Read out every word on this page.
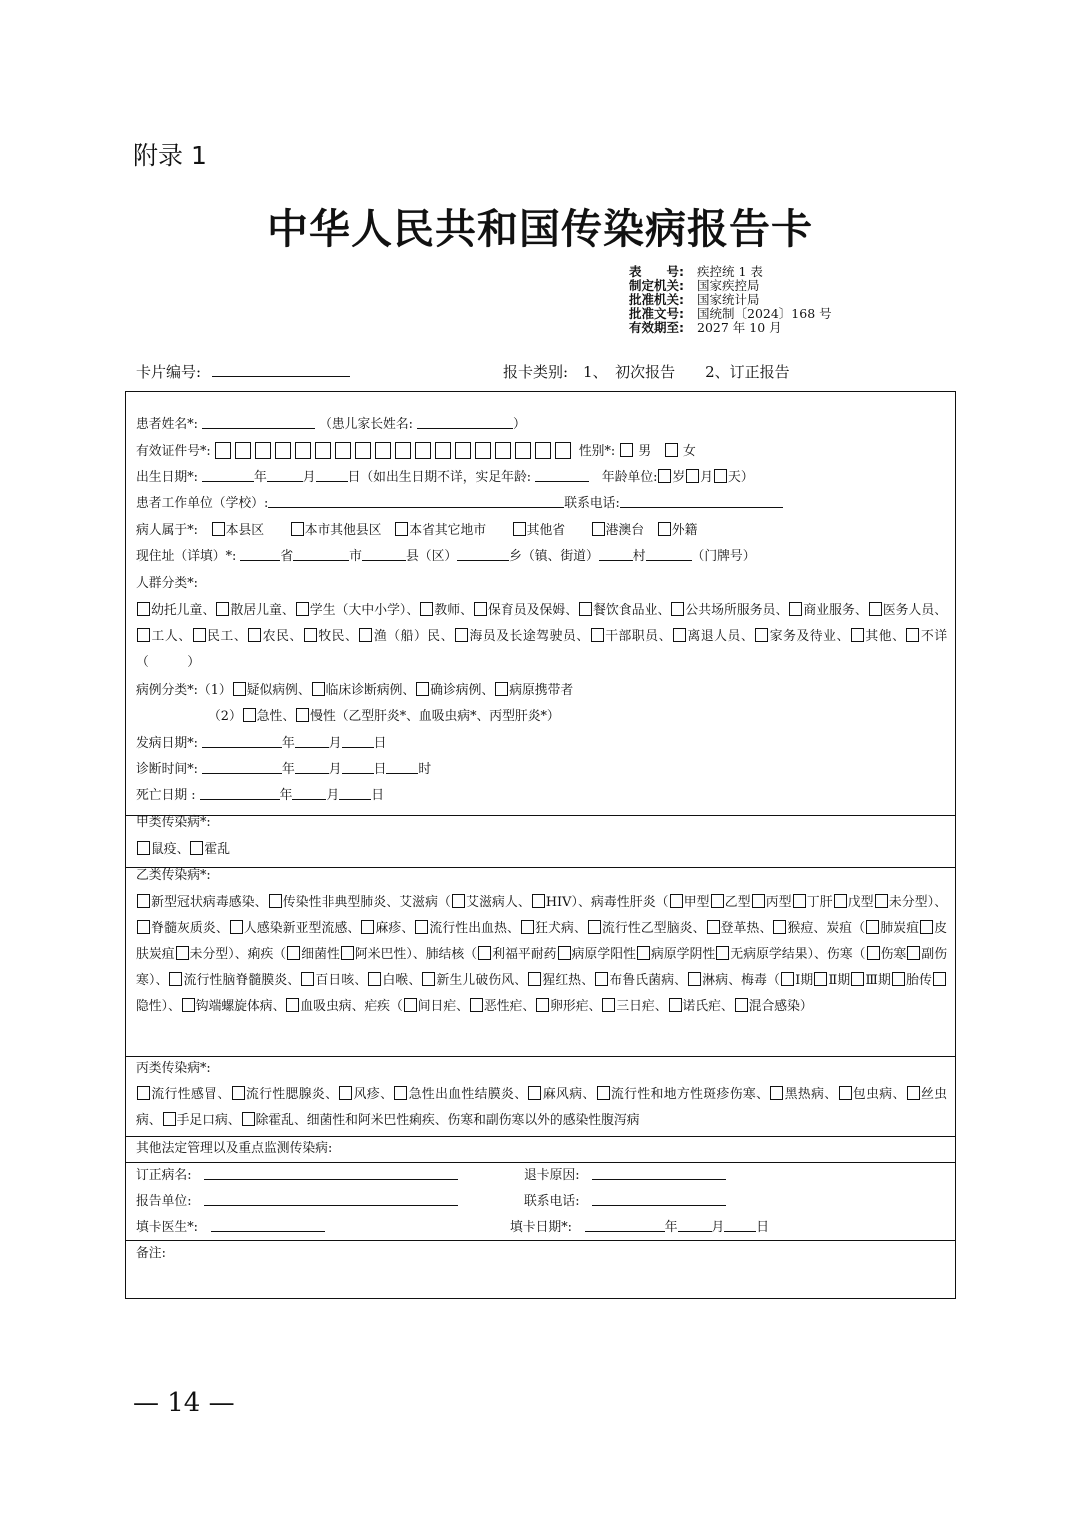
附录 1
中华人民共和国传染病报告卡
表　　号: 疾控统 1 表
制定机关: 国家疾控局
批准机关: 国家统计局
批准文号: 国统制〔2024〕168 号
有效期至: 2027 年 10 月
卡片编号:	报卡类别:　1、　初次报告　　2、订正报告
患者姓名*:	（患儿家长姓名:	）
有效证件号*:	性别*: 男　 女
出生日期*:	年	月	日（如出生日期不详，实足年龄: 　	年龄单位: 岁 月 天）
患者工作单位（学校）:	联系电话:
病人属于*:　 本县区　　	本市其他县区　 本省其它地市　　	其他省　　	港澳台　 外籍
现住址（详填）*:	省	市	县（区）	乡（镇、街道）	村	（门牌号）
人群分类*:
幼托儿童、 散居儿童、 学生（大中小学）、 教师、 保育员及保姆、 餐饮食品业、 公共场所服务员、 商业服务、 医务人员、工人、 民工、 农民、 牧民、 渔（船）民、 海员及长途驾驶员、 干部职员、 离退人员、 家务及待业、 其他、 不详（　　　）
病例分类*:（1） 疑似病例、 临床诊断病例、 确诊病例、 病原携带者
（2） 急性、 慢性（乙型肝炎*、血吸虫病*、丙型肝炎*）
发病日期*:	年	月	日
诊断时间*:	年	月	日	时
死亡日期 :	年	月	日
甲类传染病*:
鼠疫、 霍乱
乙类传染病*:
新型冠状病毒感染、 传染性非典型肺炎、艾滋病（ 艾滋病人、 HIV）、病毒性肝炎（ 甲型 乙型 丙型 丁肝 戊型 未分型）、脊髓灰质炎、 人感染新亚型流感、 麻疹、 流行性出血热、 狂犬病、 流行性乙型脑炎、 登革热、 猴痘、炭疽（ 肺炭疽 皮肤炭疽 未分型）、痢疾（ 细菌性 阿米巴性）、肺结核（ 利福平耐药 病原学阳性 病原学阴性 无病原学结果）、伤寒（ 伤寒 副伤寒）、 流行性脑脊髓膜炎、 百日咳、 白喉、 新生儿破伤风、 猩红热、 布鲁氏菌病、 淋病、梅毒（ Ⅰ期 Ⅱ期 Ⅲ期 胎传隐性）、 钩端螺旋体病、 血吸虫病、疟疾（ 间日疟、 恶性疟、 卵形疟、 三日疟、 诺氏疟、 混合感染）
丙类传染病*:
流行性感冒、 流行性腮腺炎、 风疹、 急性出血性结膜炎、 麻风病、 流行性和地方性斑疹伤寒、 黑热病、 包虫病、 丝虫病、 手足口病、 除霍乱、细菌性和阿米巴性痢疾、伤寒和副伤寒以外的感染性腹泻病
其他法定管理以及重点监测传染病:
订正病名:　	退卡原因:　
报告单位:　	联系电话:　
填卡医生*:　	填卡日期*:　	年	月	日
备注:
— 14 —
